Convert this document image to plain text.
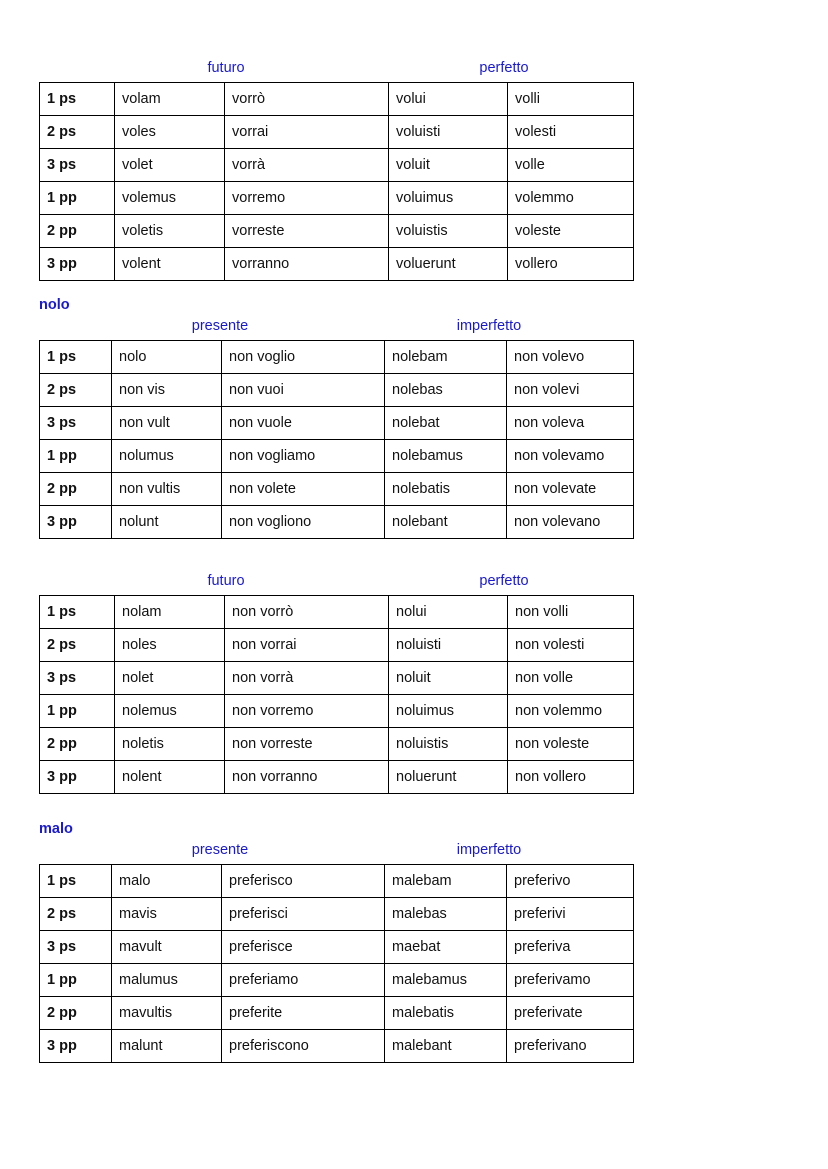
futuro	perfetto
1 ps	volam	vorrò	volui	volli
2 ps	voles	vorrai	voluisti	volesti
3 ps	volet	vorrà	voluit	volle
1 pp	volemus	vorremo	voluimus	volemmo
2 pp	voletis	vorreste	voluistis	voleste
3 pp	volent	vorranno	voluerunt	vollero
nolo
presente	imperfetto
1 ps	nolo	non voglio	nolebam	non volevo
2 ps	non vis	non vuoi	nolebas	non volevi
3 ps	non vult	non vuole	nolebat	non voleva
1 pp	nolumus	non vogliamo	nolebamus	non volevamo
2 pp	non vultis	non volete	nolebatis	non volevate
3 pp	nolunt	non vogliono	nolebant	non volevano
futuro	perfetto
1 ps	nolam	non vorrò	nolui	non volli
2 ps	noles	non vorrai	noluisti	non volesti
3 ps	nolet	non vorrà	noluit	non volle
1 pp	nolemus	non vorremo	noluimus	non volemmo
2 pp	noletis	non vorreste	noluistis	non voleste
3 pp	nolent	non vorranno	noluerunt	non vollero
malo
presente	imperfetto
1 ps	malo	preferisco	malebam	preferivo
2 ps	mavis	preferisci	malebas	preferivi
3 ps	mavult	preferisce	maebat	preferiva
1 pp	malumus	preferiamo	malebamus	preferivamo
2 pp	mavultis	preferite	malebatis	preferivate
3 pp	malunt	preferiscono	malebant	preferivano
